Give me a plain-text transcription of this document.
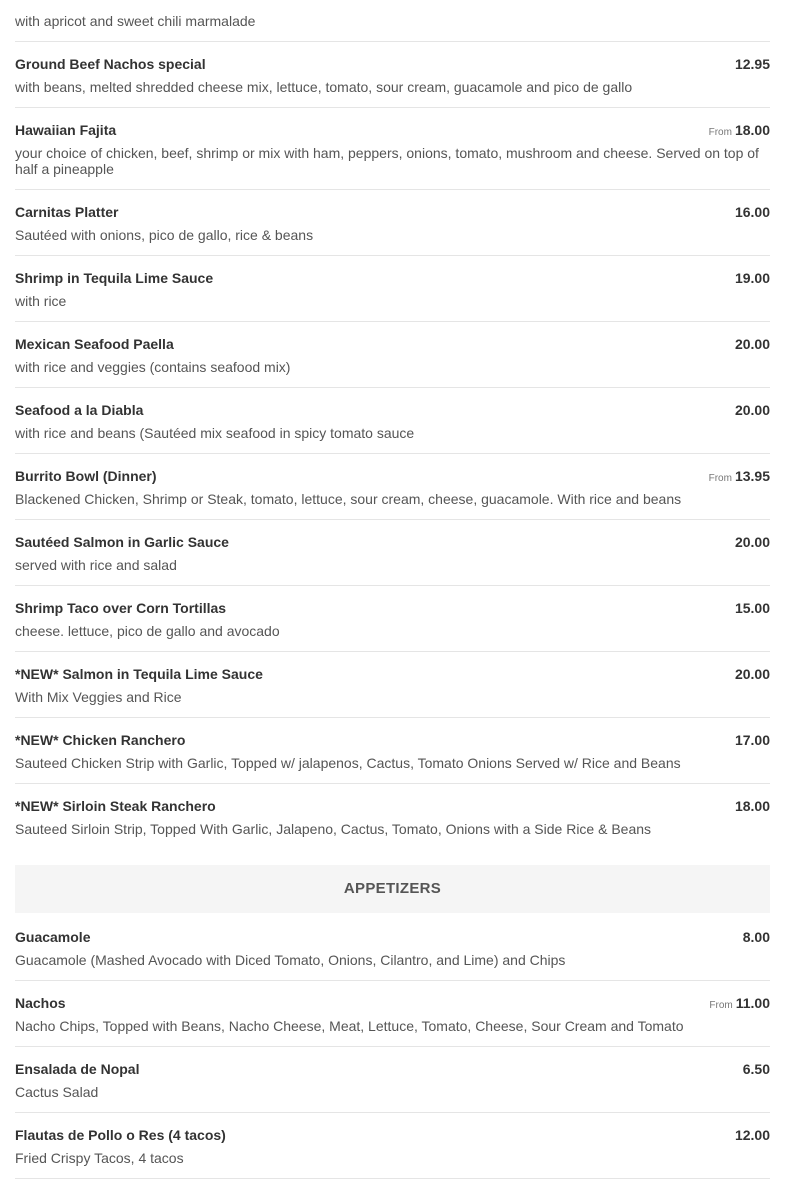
with apricot and sweet chili marmalade
Ground Beef Nachos special	12.95
with beans, melted shredded cheese mix, lettuce, tomato, sour cream, guacamole and pico de gallo
Hawaiian Fajita	From 18.00
your choice of chicken, beef, shrimp or mix with ham, peppers, onions, tomato, mushroom and cheese. Served on top of half a pineapple
Carnitas Platter	16.00
Sautéed with onions, pico de gallo, rice & beans
Shrimp in Tequila Lime Sauce	19.00
with rice
Mexican Seafood Paella	20.00
with rice and veggies (contains seafood mix)
Seafood a la Diabla	20.00
with rice and beans (Sautéed mix seafood in spicy tomato sauce
Burrito Bowl (Dinner)	From 13.95
Blackened Chicken, Shrimp or Steak, tomato, lettuce, sour cream, cheese, guacamole. With rice and beans
Sautéed Salmon in Garlic Sauce	20.00
served with rice and salad
Shrimp Taco over Corn Tortillas	15.00
cheese. lettuce, pico de gallo and avocado
*NEW* Salmon in Tequila Lime Sauce	20.00
With Mix Veggies and Rice
*NEW* Chicken Ranchero	17.00
Sauteed Chicken Strip with Garlic, Topped w/ jalapenos, Cactus, Tomato Onions Served w/ Rice and Beans
*NEW* Sirloin Steak Ranchero	18.00
Sauteed Sirloin Strip, Topped With Garlic, Jalapeno, Cactus, Tomato, Onions with a Side Rice & Beans
APPETIZERS
Guacamole	8.00
Guacamole (Mashed Avocado with Diced Tomato, Onions, Cilantro, and Lime) and Chips
Nachos	From 11.00
Nacho Chips, Topped with Beans, Nacho Cheese, Meat, Lettuce, Tomato, Cheese, Sour Cream and Tomato
Ensalada de Nopal	6.50
Cactus Salad
Flautas de Pollo o Res (4 tacos)	12.00
Fried Crispy Tacos, 4 tacos
